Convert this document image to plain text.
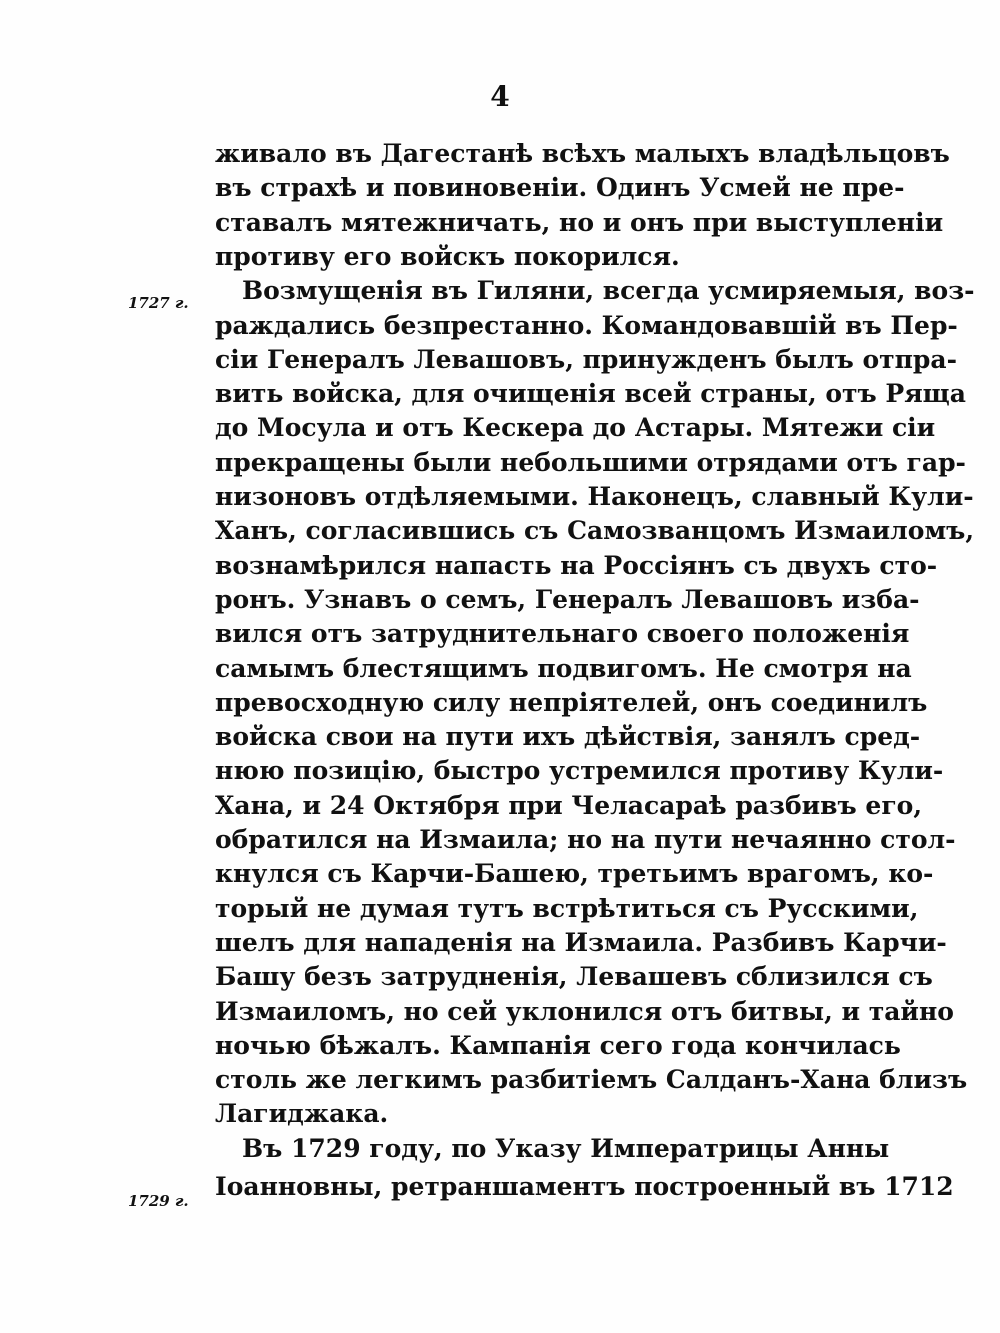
4
1727 г.
1729 г.
живало въ Дагестанѣ всѣхъ малыхъ владѣльцовъ
въ страхѣ и повиновеніи. Одинъ Усмей не пре-
ставалъ мятежничать, но и онъ при выступленіи
противу его войскъ покорился.
Возмущенія въ Гиляни, всегда усмиряемыя, воз-
раждались безпрестанно. Командовавшій въ Пер-
сіи Генералъ Левашовъ, принужденъ былъ отпра-
вить войска, для очищенія всей страны, отъ Ряща
до Мосула и отъ Кескера до Астары. Мятежи сіи
прекращены были небольшими отрядами отъ гар-
низоновъ отдѣляемыми. Наконецъ, славный Кули-
Ханъ, согласившись съ Самозванцомъ Измаиломъ,
вознамѣрился напасть на Россіянъ съ двухъ сто-
ронъ. Узнавъ о семъ, Генералъ Левашовъ изба-
вился отъ затруднительнаго своего положенія
самымъ блестящимъ подвигомъ. Не смотря на
превосходную силу непріятелей, онъ соединилъ
войска свои на пути ихъ дѣйствія, занялъ сред-
нюю позицію, быстро устремился противу Кули-
Хана, и 24 Октября при Челасараѣ разбивъ его,
обратился на Измаила; но на пути нечаянно стол-
кнулся съ Карчи-Башею, третьимъ врагомъ, ко-
торый не думая тутъ встрѣтиться съ Русскими,
шелъ для нападенія на Измаила. Разбивъ Карчи-
Башу безъ затрудненія, Левашевъ сблизился съ
Измаиломъ, но сей уклонился отъ битвы, и тайно
ночью бѣжалъ. Кампанія сего года кончилась
столь же легкимъ разбитіемъ Салданъ-Хана близъ
Лагиджака.
Въ 1729 году, по Указу Императрицы Анны
Іоанновны, ретраншаментъ построенный въ 1712
